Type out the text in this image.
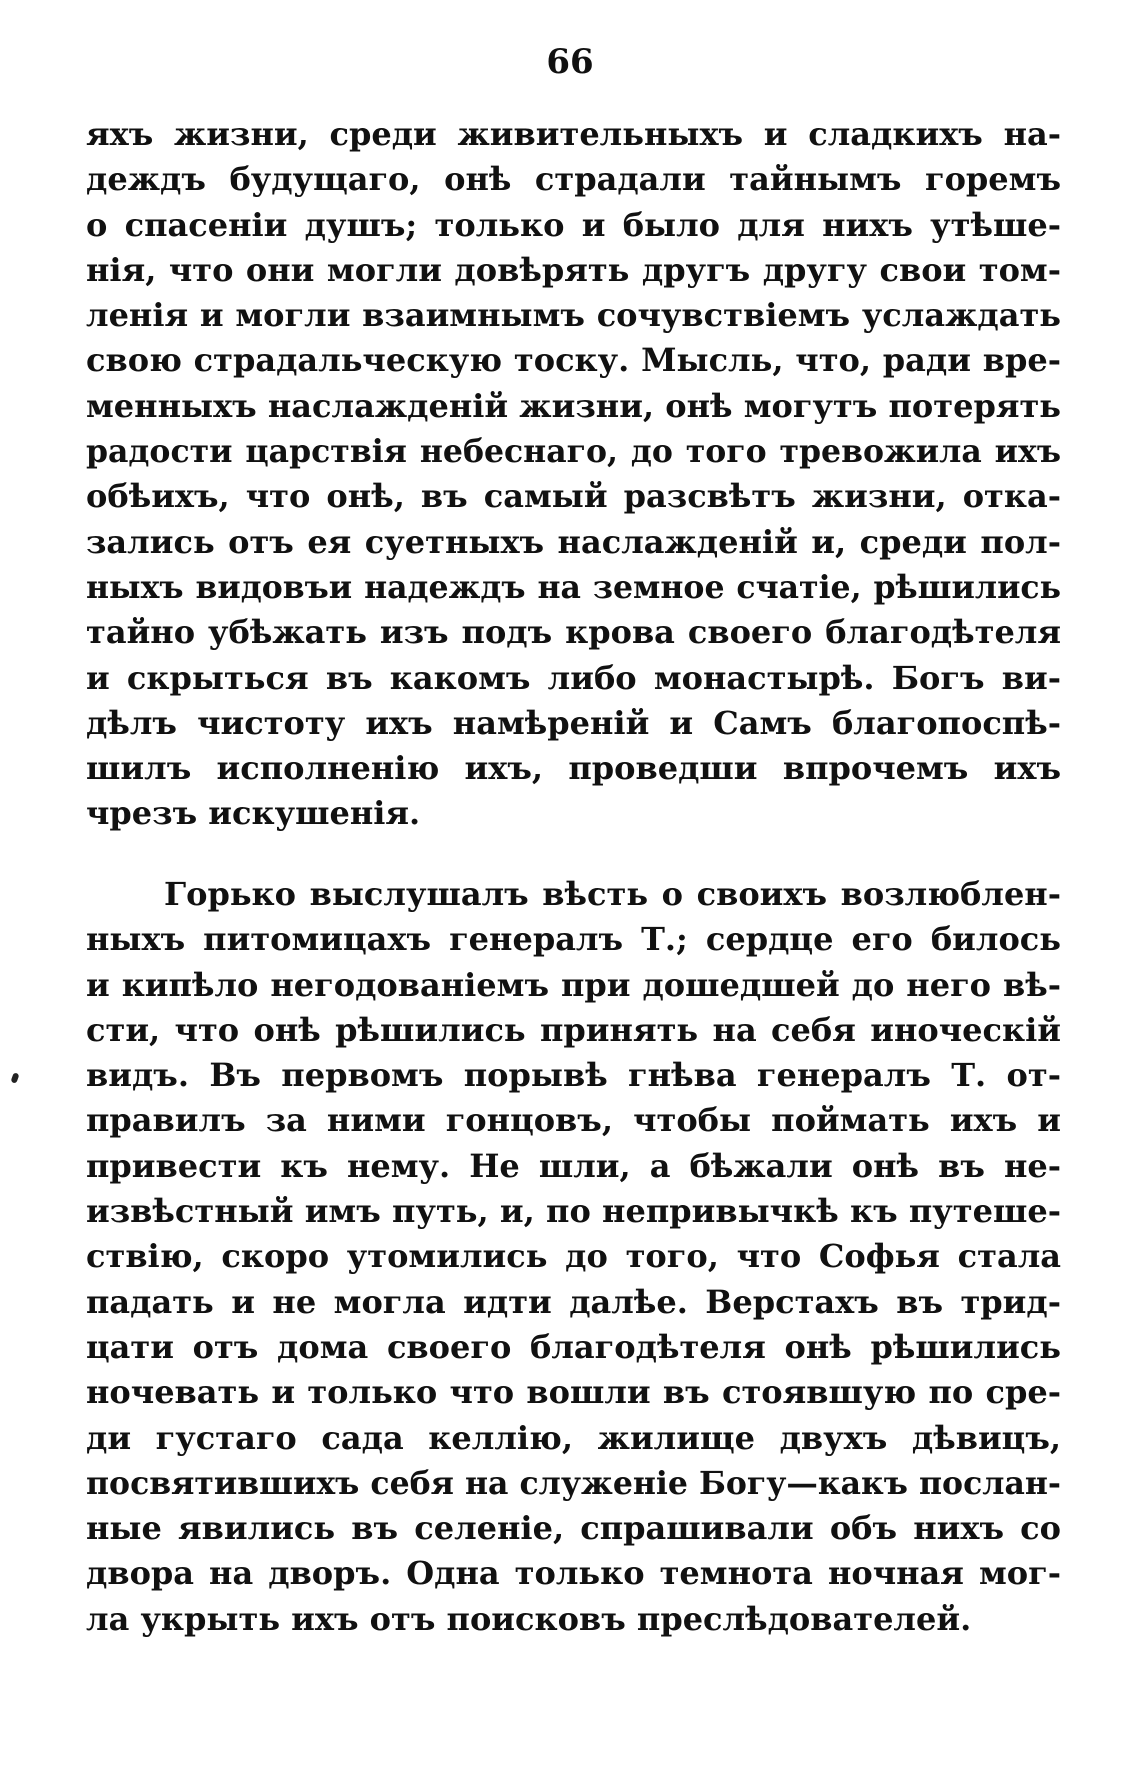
66
яхъ жизни, среди живительныхъ и сладкихъ на-
деждъ будущаго, онѣ страдали тайнымъ горемъ
о спасеніи душъ; только и было для нихъ утѣше-
нія, что они могли довѣрять другъ другу свои том-
ленія и могли взаимнымъ сочувствіемъ услаждать
свою страдальческую тоску. Мысль, что, ради вре-
менныхъ наслажденій жизни, онѣ могутъ потерять
радости царствія небеснаго, до того тревожила ихъ
обѣихъ, что онѣ, въ самый разсвѣтъ жизни, отка-
зались отъ ея суетныхъ наслажденій и, среди пол-
ныхъ видовъи надеждъ на земное счатіе, рѣшились
тайно убѣжать изъ подъ крова своего благодѣтеля
и скрыться въ какомъ либо монастырѣ. Богъ ви-
дѣлъ чистоту ихъ намѣреній и Самъ благопоспѣ-
шилъ исполненію ихъ, проведши впрочемъ ихъ
чрезъ искушенія.
Горько выслушалъ вѣсть о своихъ возлюблен-
ныхъ питомицахъ генералъ Т.; сердце его билось
и кипѣло негодованіемъ при дошедшей до него вѣ-
сти, что онѣ рѣшились принять на себя иноческій
видъ. Въ первомъ порывѣ гнѣва генералъ Т. от-
правилъ за ними гонцовъ, чтобы поймать ихъ и
привести къ нему. Не шли, а бѣжали онѣ въ не-
извѣстный имъ путь, и, по непривычкѣ къ путеше-
ствію, скоро утомились до того, что Софья стала
падать и не могла идти далѣе. Верстахъ въ трид-
цати отъ дома своего благодѣтеля онѣ рѣшились
ночевать и только что вошли въ стоявшую по сре-
ди густаго сада келлію, жилище двухъ дѣвицъ,
посвятившихъ себя на служеніе Богу—какъ послан-
ные явились въ селеніе, спрашивали объ нихъ со
двора на дворъ. Одна только темнота ночная мог-
ла укрыть ихъ отъ поисковъ преслѣдователей.
